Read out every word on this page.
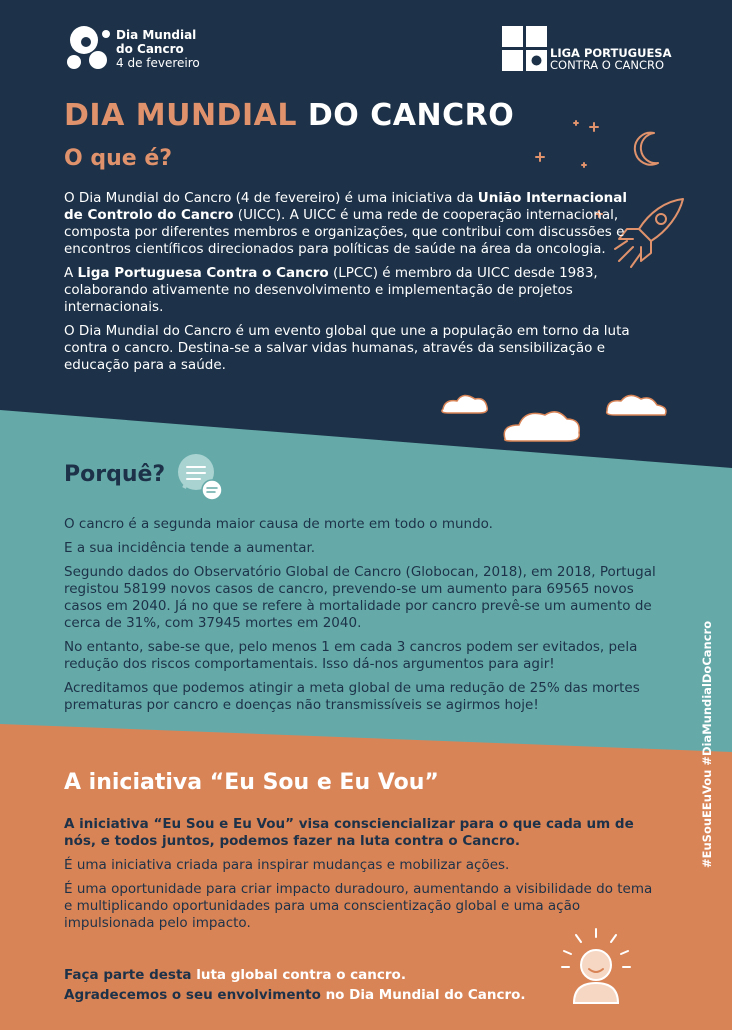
Dia Mundial
do Cancro
4 de fevereiro
LIGA PORTUGUESA
CONTRA O CANCRO
DIA MUNDIAL DO CANCRO
O que é?

O Dia Mundial do Cancro (4 de fevereiro) é uma iniciativa da União Internacional de Controlo do Cancro (UICC). A UICC é uma rede de cooperação internacional, composta por diferentes membros e organizações, que contribui com discussões e encontros científicos direcionados para políticas de saúde na área da oncologia.

A Liga Portuguesa Contra o Cancro (LPCC) é membro da UICC desde 1983, colaborando ativamente no desenvolvimento e implementação de projetos internacionais.

O Dia Mundial do Cancro é um evento global que une a população em torno da luta contra o cancro. Destina-se a salvar vidas humanas, através da sensibilização e educação para a saúde.

Porquê?

O cancro é a segunda maior causa de morte em todo o mundo.

E a sua incidência tende a aumentar.

Segundo dados do Observatório Global de Cancro (Globocan, 2018), em 2018, Portugal registou 58199 novos casos de cancro, prevendo-se um aumento para 69565 novos casos em 2040. Já no que se refere à mortalidade por cancro prevê-se um aumento de cerca de 31%, com 37945 mortes em 2040.

No entanto, sabe-se que, pelo menos 1 em cada 3 cancros podem ser evitados, pela redução dos riscos comportamentais. Isso dá-nos argumentos para agir!

Acreditamos que podemos atingir a meta global de uma redução de 25% das mortes prematuras por cancro e doenças não transmissíveis se agirmos hoje!	#EuSouEEuVou #DiaMundialDoCancro
A iniciativa “Eu Sou e Eu Vou”

A iniciativa “Eu Sou e Eu Vou” visa consciencializar para o que cada um de nós, e todos juntos, podemos fazer na luta contra o Cancro.

É uma iniciativa criada para inspirar mudanças e mobilizar ações.

É uma oportunidade para criar impacto duradouro, aumentando a visibilidade do tema e multiplicando oportunidades para uma conscientização global e uma ação impulsionada pelo impacto.

Faça parte desta luta global contra o cancro.
Agradecemos o seu envolvimento no Dia Mundial do Cancro.
